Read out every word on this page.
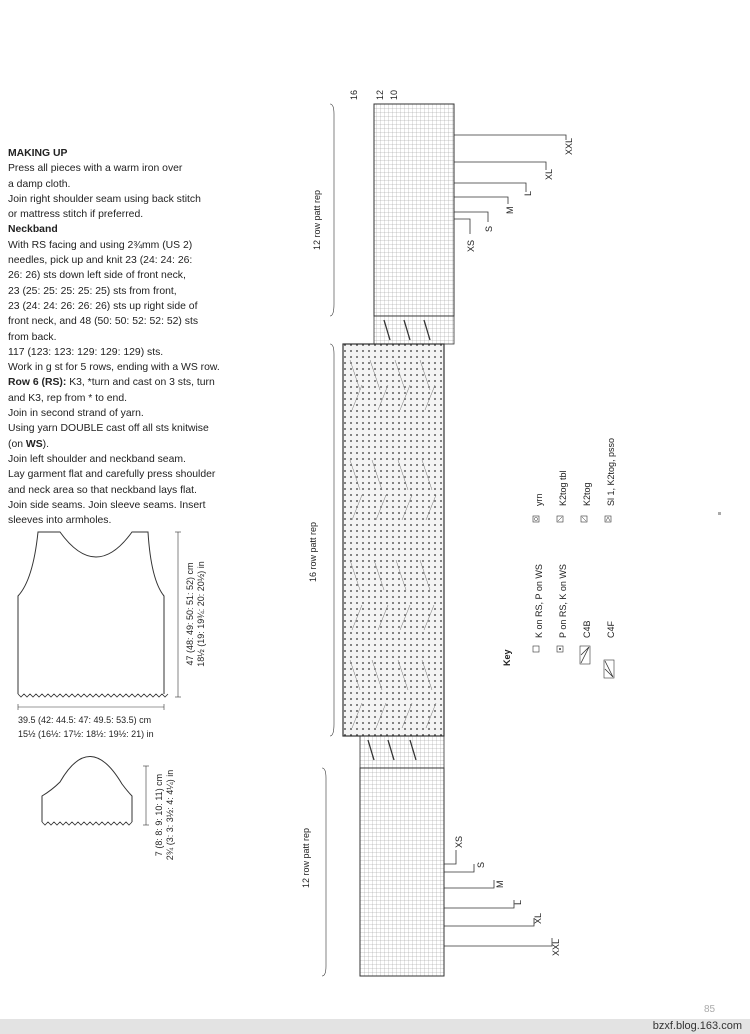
MAKING UP

Press all pieces with a warm iron over

a damp cloth.

Join right shoulder seam using back stitch

or mattress stitch if preferred.

Neckband

With RS facing and using 2¾mm (US 2)

needles, pick up and knit 23 (24: 24: 26:

26: 26) sts down left side of front neck,

23 (25: 25: 25: 25: 25) sts from front,

23 (24: 24: 26: 26: 26) sts up right side of

front neck, and 48 (50: 50: 52: 52: 52) sts

from back.

117 (123: 123: 129: 129: 129) sts.

Work in g st for 5 rows, ending with a WS row.

Row 6 (RS): K3, *turn and cast on 3 sts, turn

and K3, rep from * to end.

Join in second strand of yarn.

Using yarn DOUBLE cast off all sts knitwise

(on WS).

Join left shoulder and neckband seam.

Lay garment flat and carefully press shoulder

and neck area so that neckband lays flat.

Join side seams. Join sleeve seams. Insert

sleeves into armholes.

47 (48: 49: 50: 51: 52) cm 18½ (19: 19¾: 20: 20½) in
39.5 (42: 44.5: 47: 49.5: 53.5) cm
15½ (16½: 17½: 18½: 19½: 21) in
7 (8: 8: 9: 10: 11) cm 2¾ (3: 3: 3½: 4: 4¼) in
16 12 10
12 row patt rep
16 row patt rep
12 row patt rep
XS
S
M
L
XL
XXL
XS
S
M
L
XL
XXL
Key
K on RS, P on WS P on RS, K on WS C4B C4F
yrn K2tog tbl K2tog Sl 1, K2tog, psso
85
bzxf.blog.163.com
